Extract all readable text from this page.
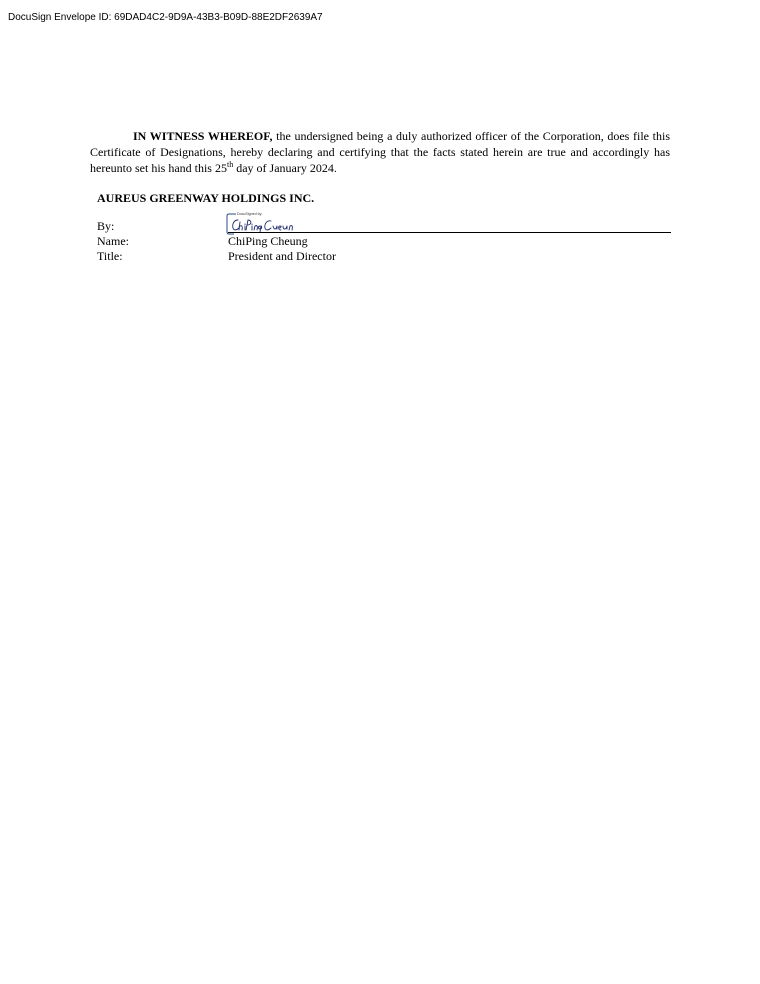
DocuSign Envelope ID: 69DAD4C2-9D9A-43B3-B09D-88E2DF2639A7
IN WITNESS WHEREOF, the undersigned being a duly authorized officer of the Corporation, does file this Certificate of Designations, hereby declaring and certifying that the facts stated herein are true and accordingly has hereunto set his hand this 25th day of January 2024.
AUREUS GREENWAY HOLDINGS INC.
By:
DocuSigned by:
Name:	ChiPing Cheung
Title:	President and Director
